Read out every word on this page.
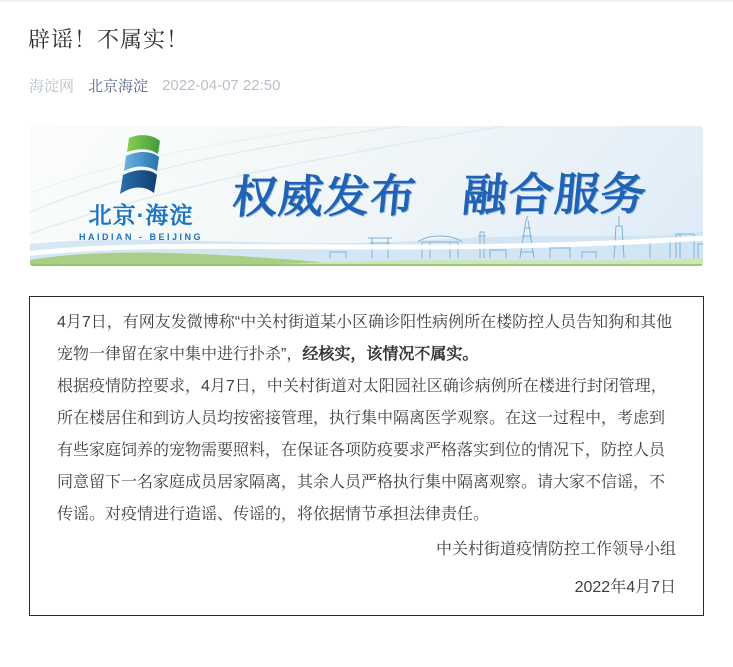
辟谣！不属实！
海淀网 北京海淀 2022-04-07 22:50
北京·海淀
HAIDIAN - BEIJING
权威发布　融合服务

4月7日，有网友发微博称“中关村街道某小区确诊阳性病例所在楼防控人员告知狗和其他宠物一律留在家中集中进行扑杀”，经核实，该情况不属实。

根据疫情防控要求，4月7日，中关村街道对太阳园社区确诊病例所在楼进行封闭管理，所在楼居住和到访人员均按密接管理，执行集中隔离医学观察。在这一过程中，考虑到有些家庭饲养的宠物需要照料，在保证各项防疫要求严格落实到位的情况下，防控人员同意留下一名家庭成员居家隔离，其余人员严格执行集中隔离观察。请大家不信谣，不传谣。对疫情进行造谣、传谣的，将依据情节承担法律责任。

中关村街道疫情防控工作领导小组

2022年4月7日
